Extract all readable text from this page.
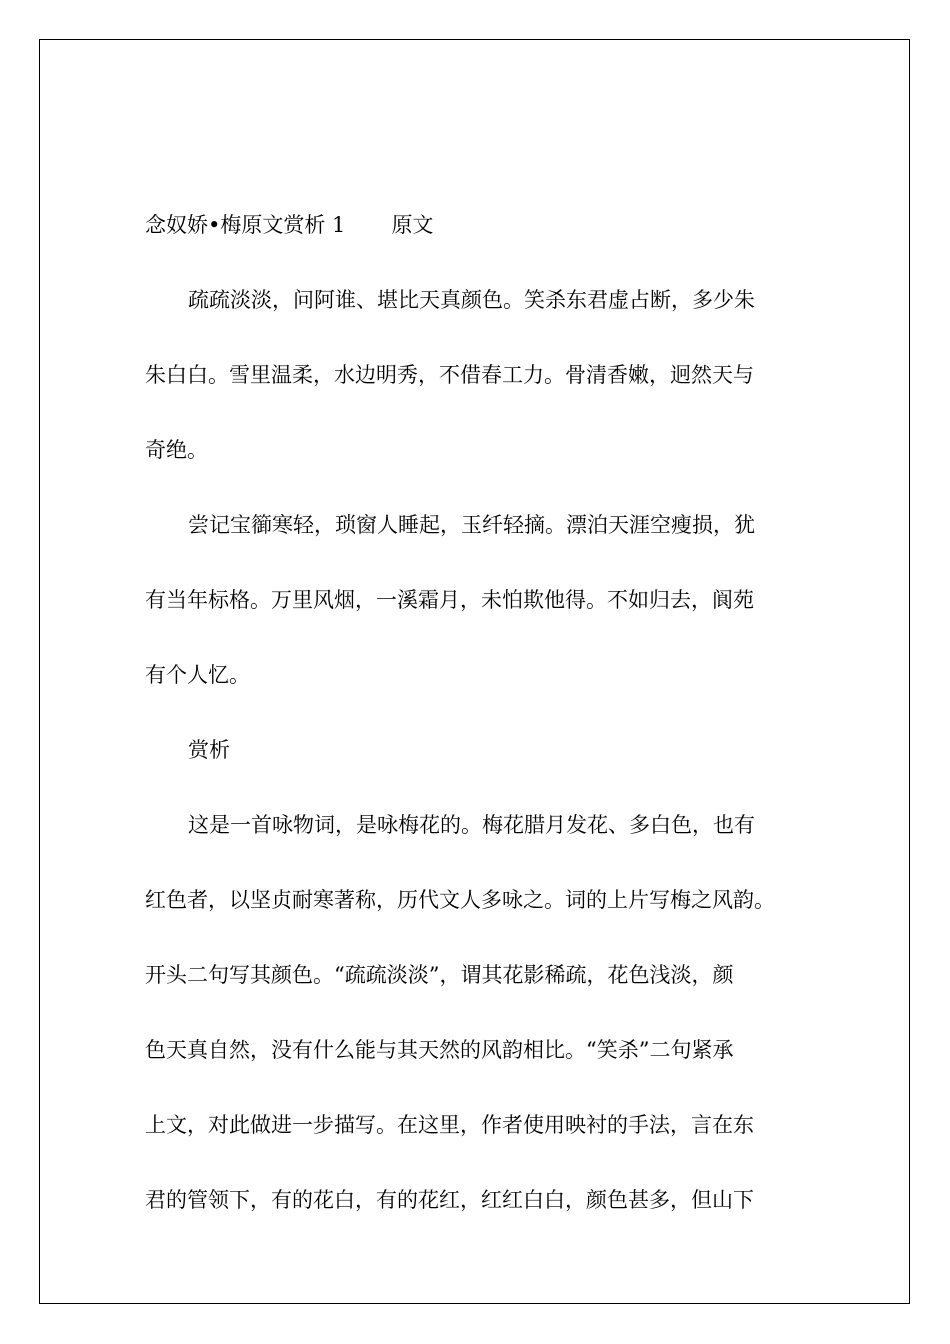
念奴娇•梅原文赏析 1 原文

疏疏淡淡，问阿谁、堪比天真颜色。笑杀东君虚占断，多少朱

朱白白。雪里温柔，水边明秀，不借春工力。骨清香嫩，迥然天与

奇绝。

尝记宝篽寒轻，琐窗人睡起，玉纤轻摘。漂泊天涯空瘦损，犹

有当年标格。万里风烟，一溪霜月，未怕欺他得。不如归去，阆苑

有个人忆。

赏析

这是一首咏物词，是咏梅花的。梅花腊月发花、多白色，也有

红色者，以坚贞耐寒著称，历代文人多咏之。词的上片写梅之风韵。

开头二句写其颜色。“疏疏淡淡”，谓其花影稀疏，花色浅淡，颜

色天真自然，没有什么能与其天然的风韵相比。“笑杀”二句紧承

上文，对此做进一步描写。在这里，作者使用映衬的手法，言在东

君的管领下，有的花白，有的花红，红红白白，颜色甚多，但山下
